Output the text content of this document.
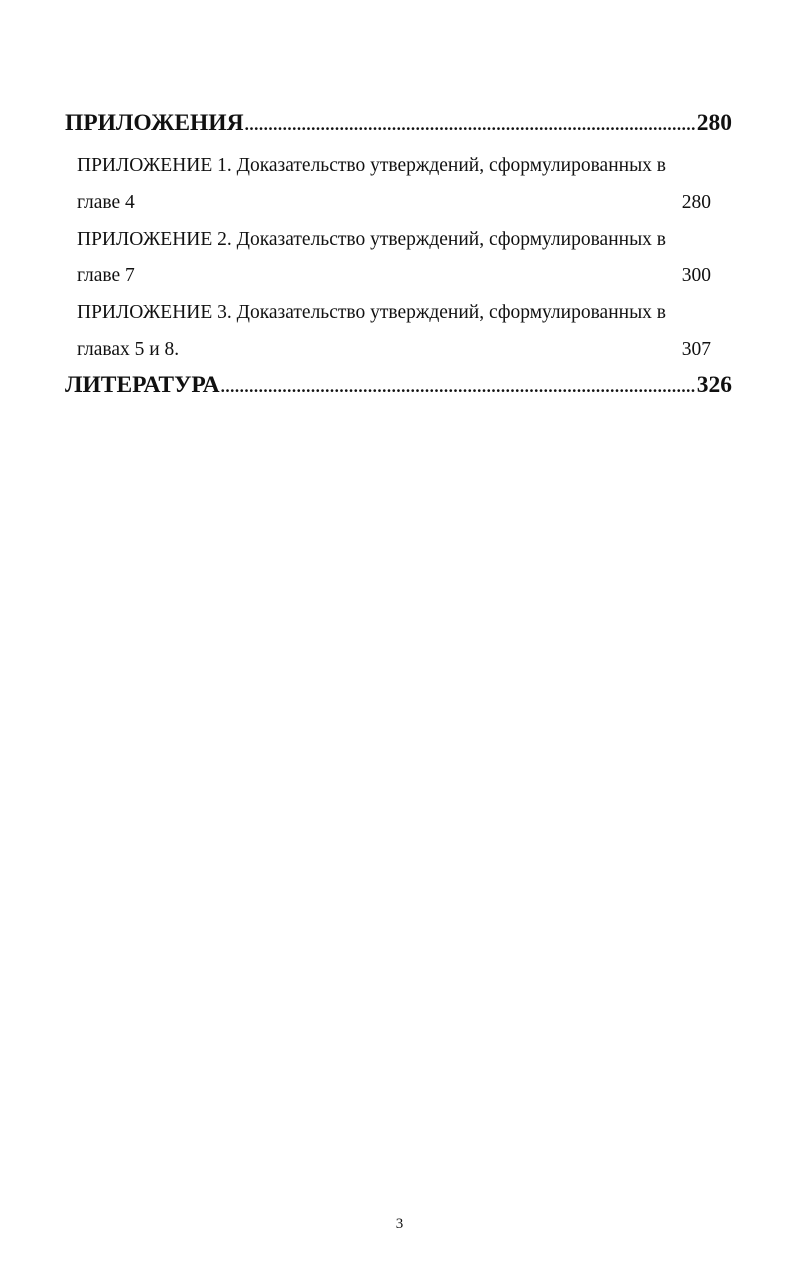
ПРИЛОЖЕНИЯ .....	280
ПРИЛОЖЕНИЕ 1. Доказательство утверждений, сформулированных в
главе 4	280
ПРИЛОЖЕНИЕ 2. Доказательство утверждений, сформулированных в
главе 7	300
ПРИЛОЖЕНИЕ 3. Доказательство утверждений, сформулированных в
главах 5 и 8.	307
ЛИТЕРАТУРА .....	326
3
